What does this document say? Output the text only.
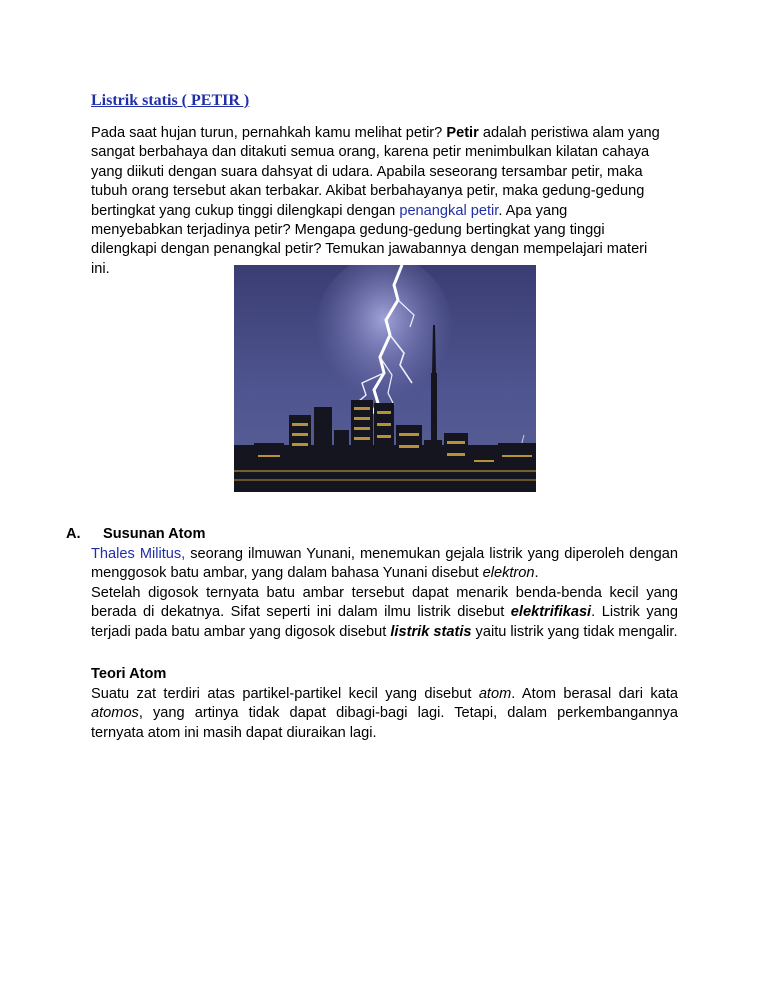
Listrik statis ( PETIR )
Pada saat hujan turun, pernahkah kamu melihat petir? Petir adalah peristiwa alam yang
sangat berbahaya dan ditakuti semua orang, karena petir menimbulkan kilatan cahaya
yang diikuti dengan suara dahsyat di udara. Apabila seseorang tersambar petir, maka
tubuh orang tersebut akan terbakar. Akibat berbahayanya petir, maka gedung-gedung
bertingkat yang cukup tinggi dilengkapi dengan penangkal petir. Apa yang
menyebabkan terjadinya petir? Mengapa gedung-gedung bertingkat yang tinggi
dilengkapi dengan penangkal petir? Temukan jawabannya dengan mempelajari materi
ini.
A. Susunan Atom

Thales Militus, seorang ilmuwan Yunani, menemukan gejala listrik yang diperoleh dengan menggosok batu ambar, yang dalam bahasa Yunani disebut elektron.

Setelah digosok ternyata batu ambar tersebut dapat menarik benda-benda kecil yang berada di dekatnya. Sifat seperti ini dalam ilmu listrik disebut elektrifikasi. Listrik yang terjadi pada batu ambar yang digosok disebut listrik statis yaitu listrik yang tidak mengalir.

Teori Atom

Suatu zat terdiri atas partikel-partikel kecil yang disebut atom. Atom berasal dari kata atomos, yang artinya tidak dapat dibagi-bagi lagi. Tetapi, dalam perkembangannya ternyata atom ini masih dapat diuraikan lagi.
